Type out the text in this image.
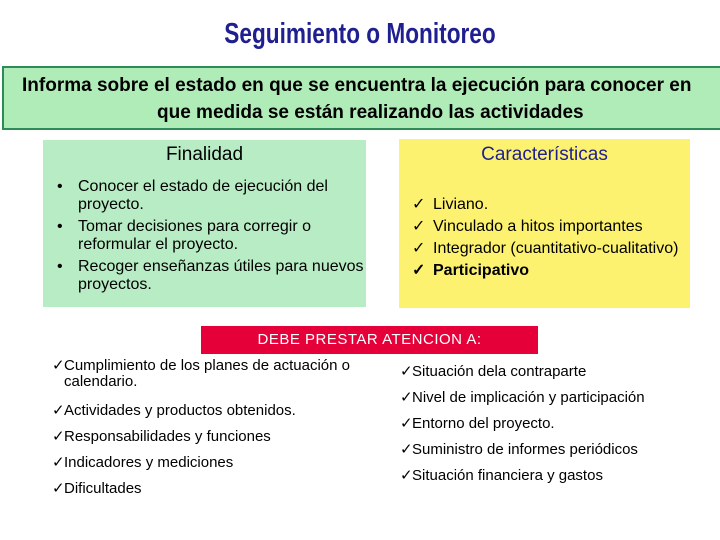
Seguimiento o Monitoreo
Informa sobre el estado en que se encuentra la ejecución para conocer en
que medida se están realizando las actividades
Finalidad
• Conocer el estado de ejecución del proyecto.
• Tomar decisiones para corregir o reformular el proyecto.
• Recoger enseñanzas útiles para nuevos proyectos.
Características
✓ Liviano.
✓ Vinculado a hitos importantes
✓ Integrador (cuantitativo-cualitativo)
✓ Participativo
DEBE PRESTAR ATENCION A:
✓ Cumplimiento de los planes de actuación o calendario.
✓ Actividades y productos obtenidos.
✓ Responsabilidades y funciones
✓ Indicadores y mediciones
✓ Dificultades
✓ Situación dela contraparte
✓ Nivel de implicación y participación
✓ Entorno del proyecto.
✓ Suministro de informes periódicos
✓ Situación financiera y gastos
